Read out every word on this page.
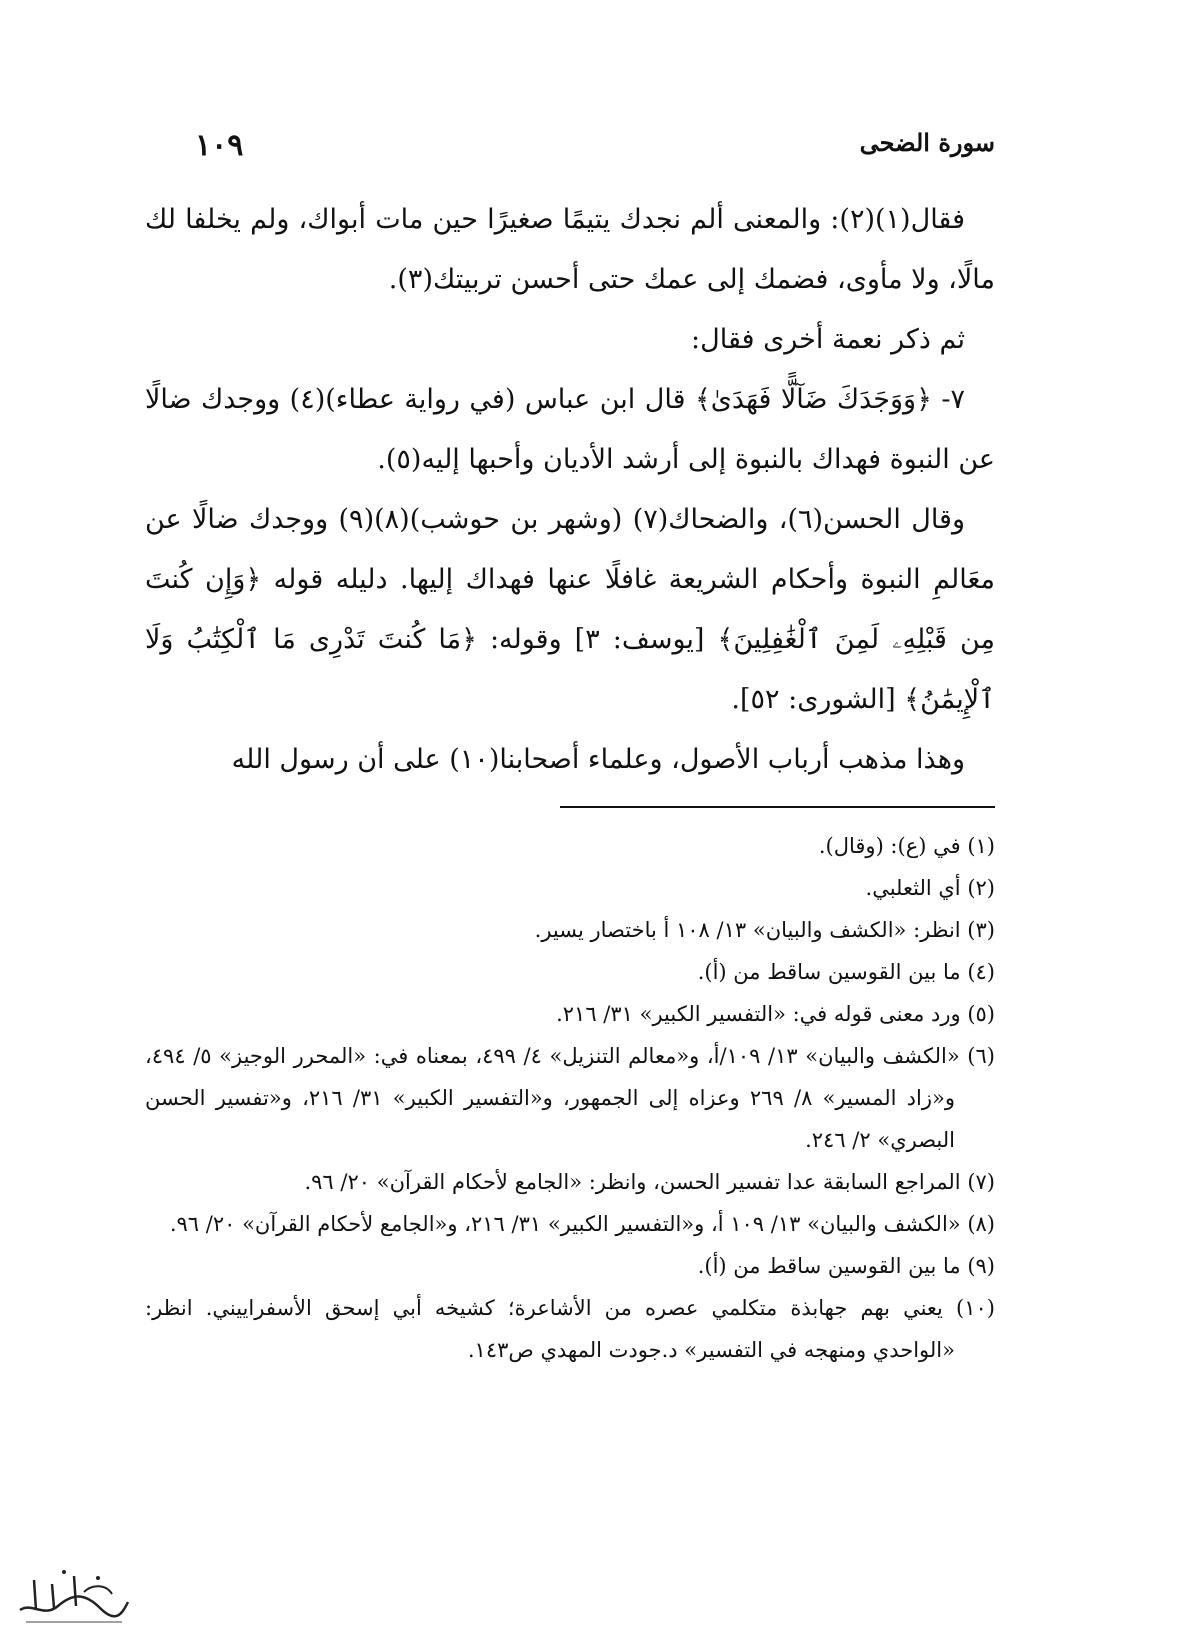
سورة الضحى
١٠٩

فقال(١)(٢): والمعنى ألم نجدك يتيمًا صغيرًا حين مات أبواك، ولم يخلفا لك مالًا، ولا مأوى، فضمك إلى عمك حتى أحسن تربيتك(٣).

ثم ذكر نعمة أخرى فقال:

٧- ﴿وَوَجَدَكَ ضَآلًّا فَهَدَىٰ﴾ قال ابن عباس (في رواية عطاء)(٤) ووجدك ضالًا عن النبوة فهداك بالنبوة إلى أرشد الأديان وأحبها إليه(٥).

وقال الحسن(٦)، والضحاك(٧) (وشهر بن حوشب)(٨)(٩) ووجدك ضالًا عن معَالمِ النبوة وأحكام الشريعة غافلًا عنها فهداك إليها. دليله قوله ﴿وَإِن كُنتَ مِن قَبْلِهِۦ لَمِنَ ٱلْغَٰفِلِينَ﴾ [يوسف: ٣] وقوله: ﴿مَا كُنتَ تَدْرِى مَا ٱلْكِتَٰبُ وَلَا ٱلْإِيمَٰنُ﴾ [الشورى: ٥٢].

وهذا مذهب أرباب الأصول، وعلماء أصحابنا(١٠) على أن رسول الله

(١) في (ع): (وقال).

(٢) أي الثعلبي.

(٣) انظر: «الكشف والبيان» ١٣/ ١٠٨ أ باختصار يسير.

(٤) ما بين القوسين ساقط من (أ).

(٥) ورد معنى قوله في: «التفسير الكبير» ٣١/ ٢١٦.

(٦) «الكشف والبيان» ١٣/ ١٠٩/أ، و«معالم التنزيل» ٤/ ٤٩٩، بمعناه في: «المحرر الوجيز» ٥/ ٤٩٤، و«زاد المسير» ٨/ ٢٦٩ وعزاه إلى الجمهور، و«التفسير الكبير» ٣١/ ٢١٦، و«تفسير الحسن البصري» ٢/ ٢٤٦.

(٧) المراجع السابقة عدا تفسير الحسن، وانظر: «الجامع لأحكام القرآن» ٢٠/ ٩٦.

(٨) «الكشف والبيان» ١٣/ ١٠٩ أ، و«التفسير الكبير» ٣١/ ٢١٦، و«الجامع لأحكام القرآن» ٢٠/ ٩٦.

(٩) ما بين القوسين ساقط من (أ).

(١٠) يعني بهم جهابذة متكلمي عصره من الأشاعرة؛ كشيخه أبي إسحق الأسفراييني. انظر: «الواحدي ومنهجه في التفسير» د.جودت المهدي ص١٤٣.
